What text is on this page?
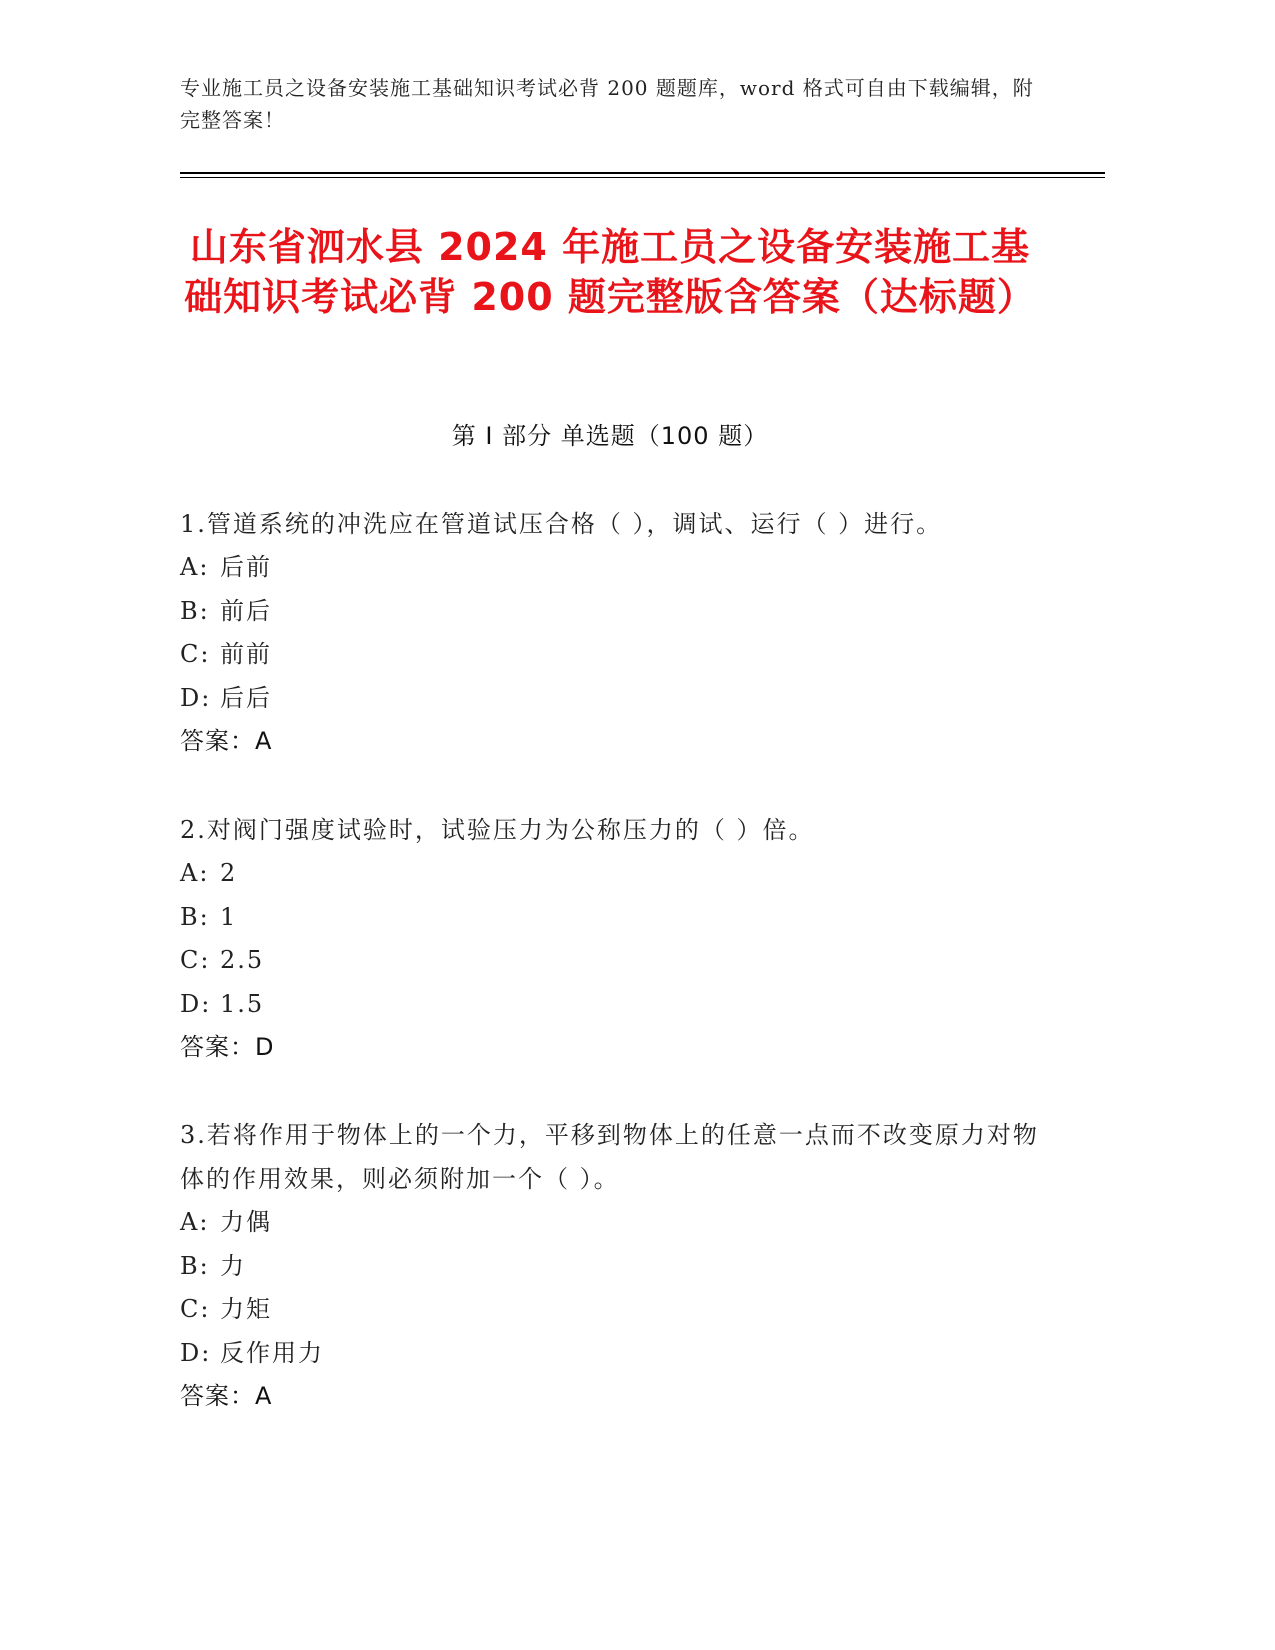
专业施工员之设备安装施工基础知识考试必背 200 题题库，word 格式可自由下载编辑，附完整答案！
山东省泗水县 2024 年施工员之设备安装施工基础知识考试必背 200 题完整版含答案（达标题）
第 I 部分 单选题（100 题）
1.管道系统的冲洗应在管道试压合格（ ），调试、运行（ ）进行。
A: 后前
B: 前后
C: 前前
D: 后后
答案：A
2.对阀门强度试验时，试验压力为公称压力的（ ）倍。
A: 2
B: 1
C: 2.5
D: 1.5
答案：D
3.若将作用于物体上的一个力，平移到物体上的任意一点而不改变原力对物体的作用效果，则必须附加一个（ ）。
A: 力偶
B: 力
C: 力矩
D: 反作用力
答案：A
